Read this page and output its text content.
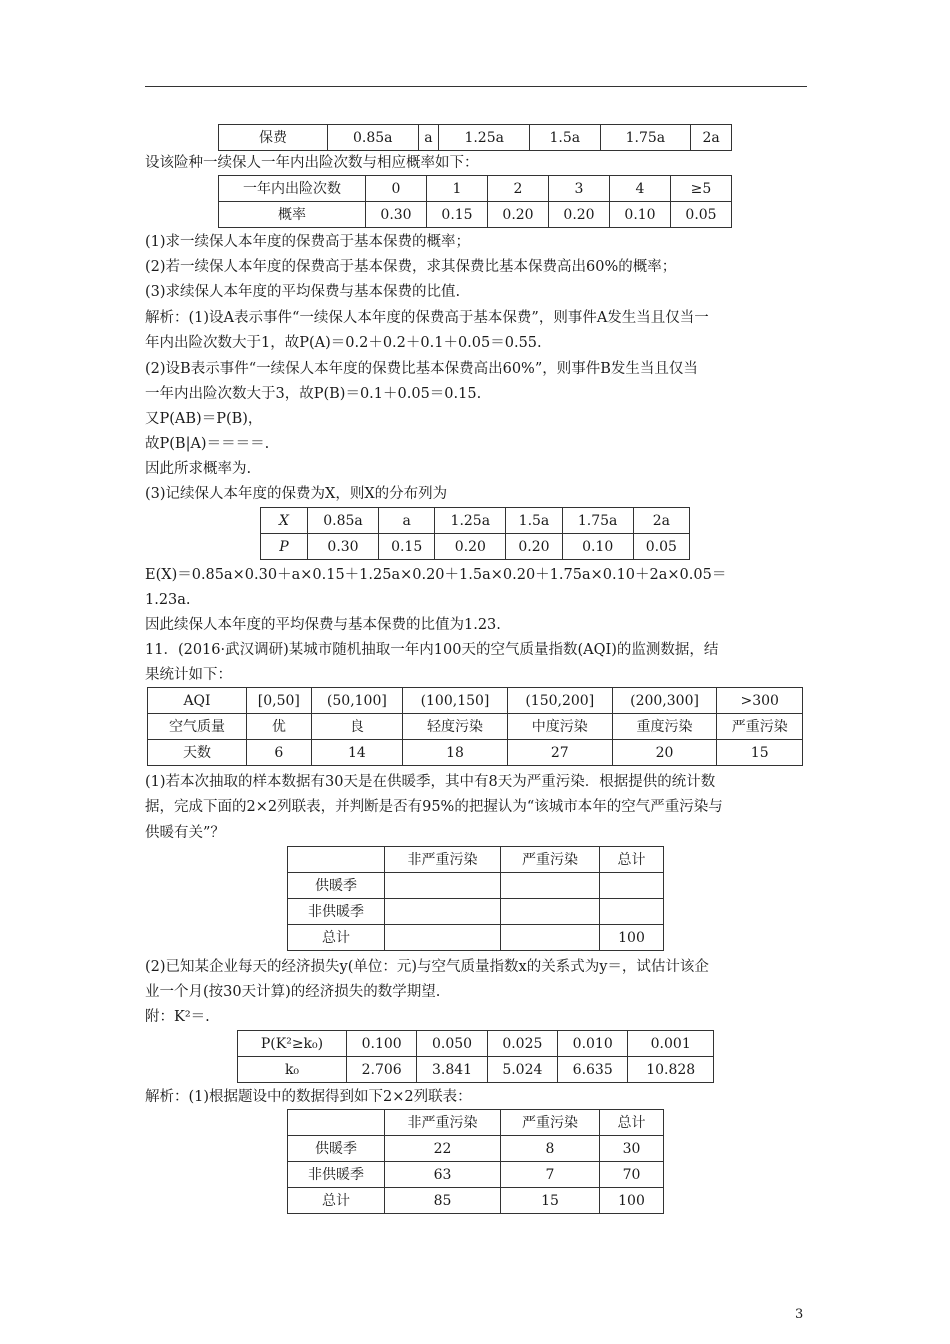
保费	0.85a	a	1.25a	1.5a	1.75a	2a
设该险种一续保人一年内出险次数与相应概率如下：
一年内出险次数	0	1	2	3	4	≥5
概率	0.30	0.15	0.20	0.20	0.10	0.05
(1)求一续保人本年度的保费高于基本保费的概率；
(2)若一续保人本年度的保费高于基本保费，求其保费比基本保费高出60%的概率；
(3)求续保人本年度的平均保费与基本保费的比值.
解析：(1)设A表示事件“一续保人本年度的保费高于基本保费”，则事件A发生当且仅当一
年内出险次数大于1，故P(A)＝0.2＋0.2＋0.1＋0.05＝0.55.
(2)设B表示事件“一续保人本年度的保费比基本保费高出60%”，则事件B发生当且仅当
一年内出险次数大于3，故P(B)＝0.1＋0.05＝0.15.
又P(AB)＝P(B)，
故P(B|A)＝＝＝＝.
因此所求概率为.
(3)记续保人本年度的保费为X，则X的分布列为
X	0.85a	a	1.25a	1.5a	1.75a	2a
P	0.30	0.15	0.20	0.20	0.10	0.05
E(X)＝0.85a×0.30＋a×0.15＋1.25a×0.20＋1.5a×0.20＋1.75a×0.10＋2a×0.05＝
1.23a.
因此续保人本年度的平均保费与基本保费的比值为1.23.
11．(2016·武汉调研)某城市随机抽取一年内100天的空气质量指数(AQI)的监测数据，结
果统计如下：
AQI	[0,50]	(50,100]	(100,150]	(150,200]	(200,300]	>300
空气质量	优	良	轻度污染	中度污染	重度污染	严重污染
天数	6	14	18	27	20	15
(1)若本次抽取的样本数据有30天是在供暖季，其中有8天为严重污染．根据提供的统计数
据，完成下面的2×2列联表，并判断是否有95%的把握认为“该城市本年的空气严重污染与
供暖有关”？
	非严重污染	严重污染	总计
供暖季			
非供暖季			
总计			100
(2)已知某企业每天的经济损失y(单位：元)与空气质量指数x的关系式为y＝，试估计该企
业一个月(按30天计算)的经济损失的数学期望.
附：K²＝.
P(K²≥k₀)	0.100	0.050	0.025	0.010	0.001
k₀	2.706	3.841	5.024	6.635	10.828
解析：(1)根据题设中的数据得到如下2×2列联表：
	非严重污染	严重污染	总计
供暖季	22	8	30
非供暖季	63	7	70
总计	85	15	100
3
